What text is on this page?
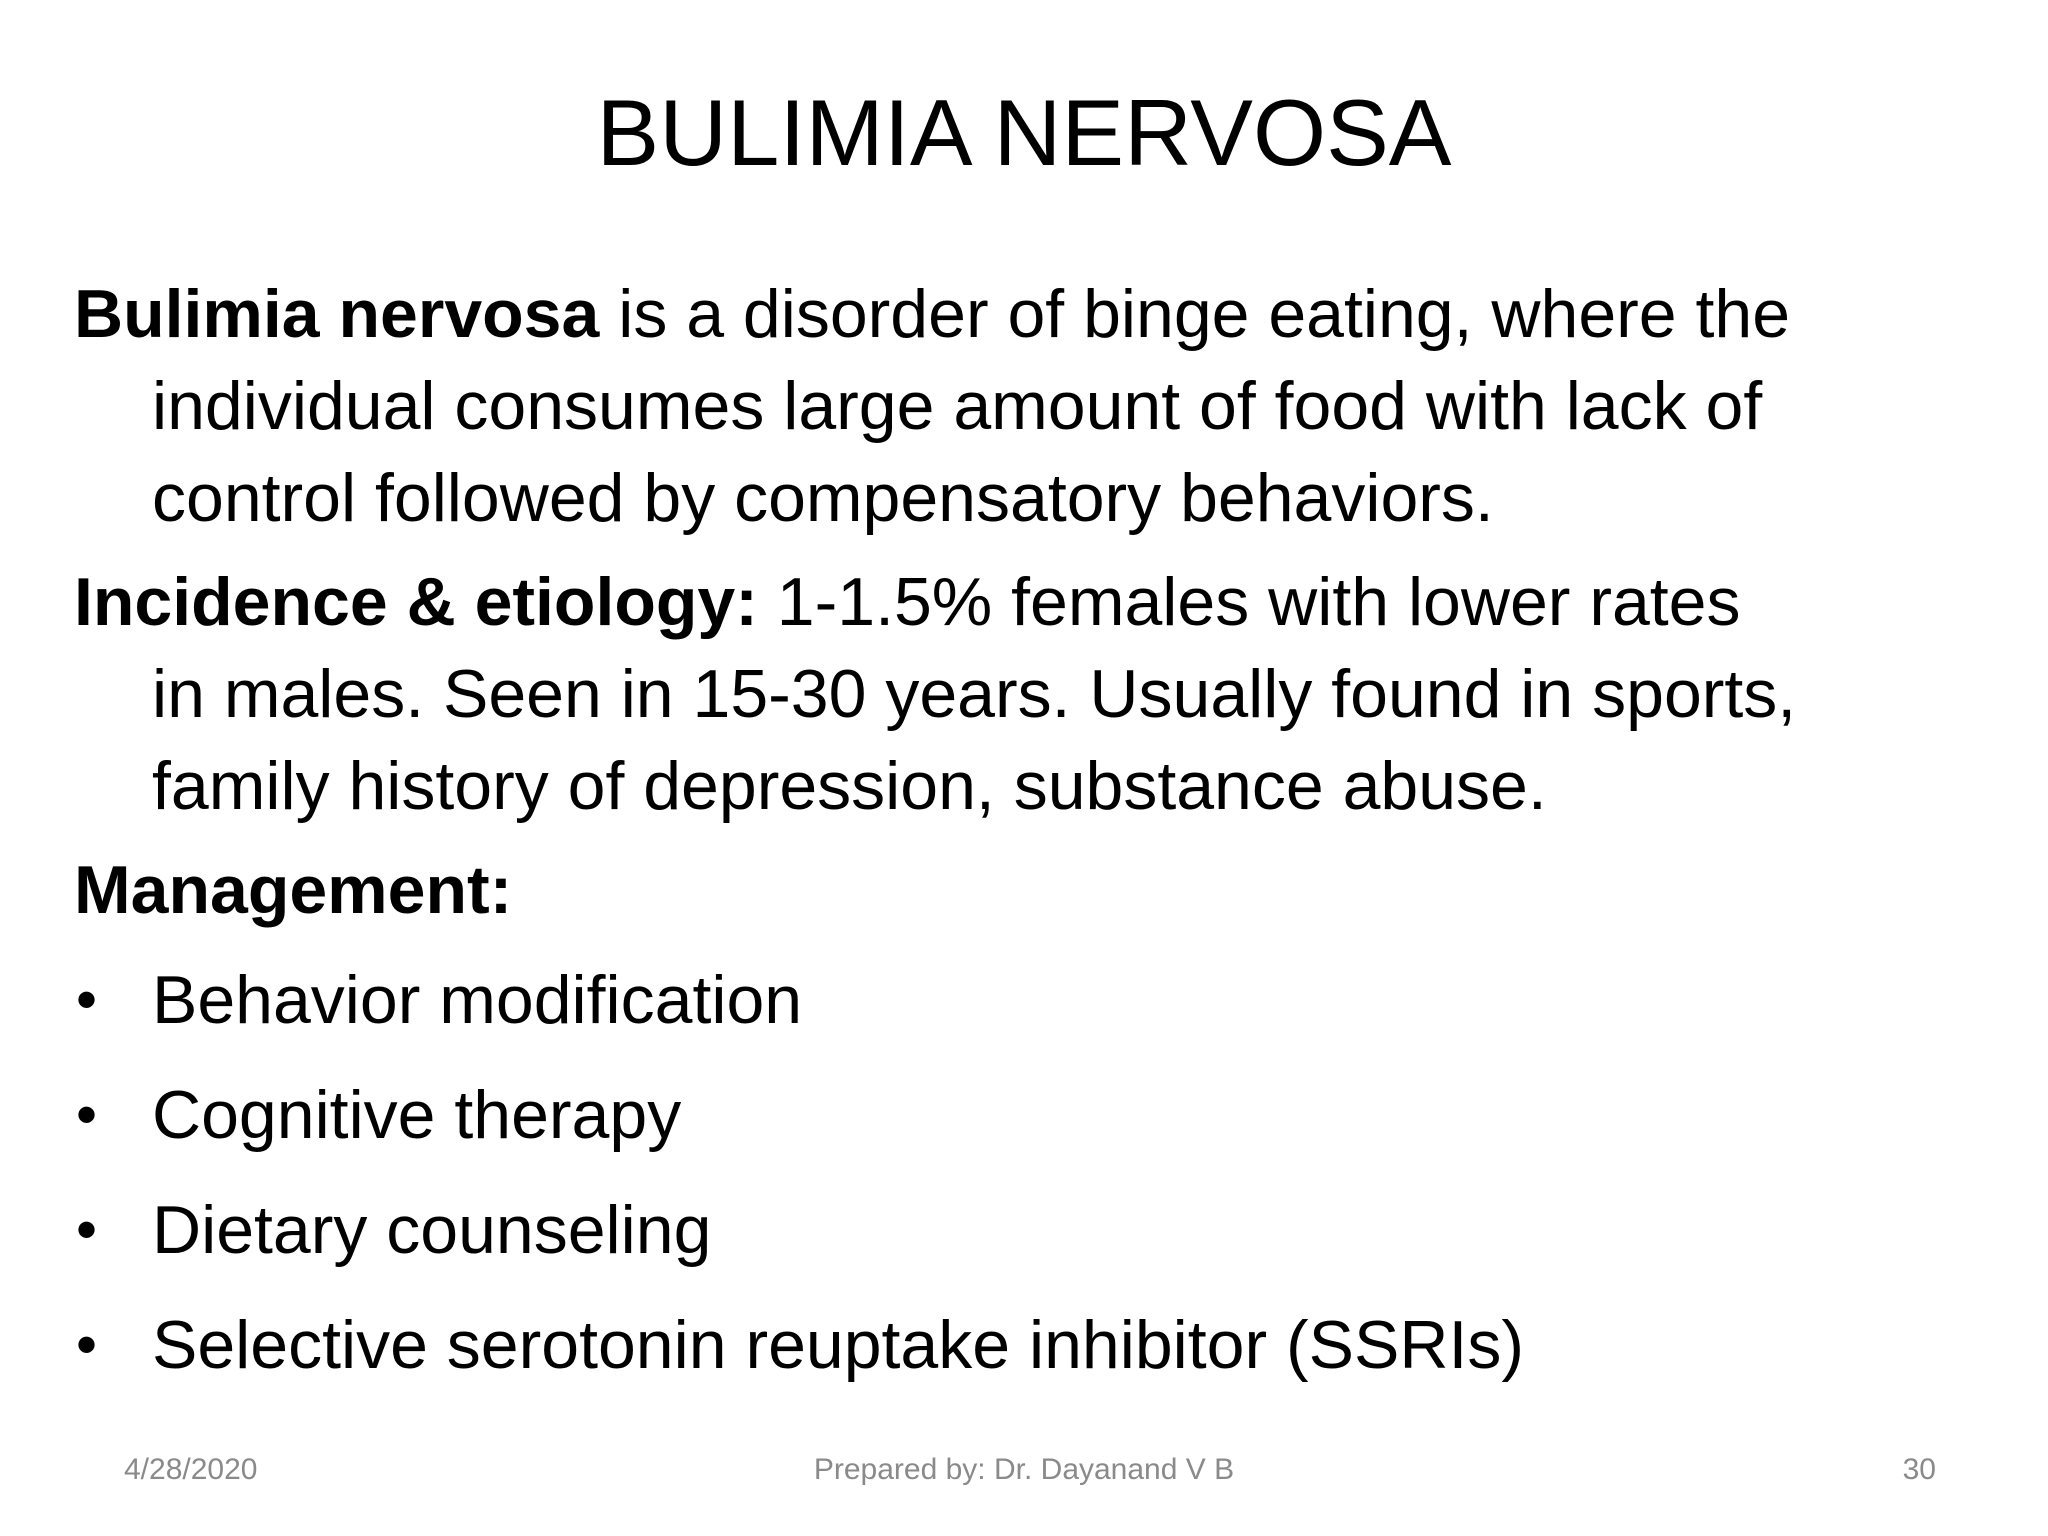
BULIMIA NERVOSA

Bulimia nervosa is a disorder of binge eating, where the
individual consumes large amount of food with lack of
control followed by compensatory behaviors.

Incidence & etiology: 1-1.5% females with lower rates
in males. Seen in 15-30 years. Usually found in sports,
family history of depression, substance abuse.

Management:
• Behavior modification
• Cognitive therapy
• Dietary counseling
• Selective serotonin reuptake inhibitor (SSRIs)
4/28/2020	Prepared by: Dr. Dayanand V B	30
